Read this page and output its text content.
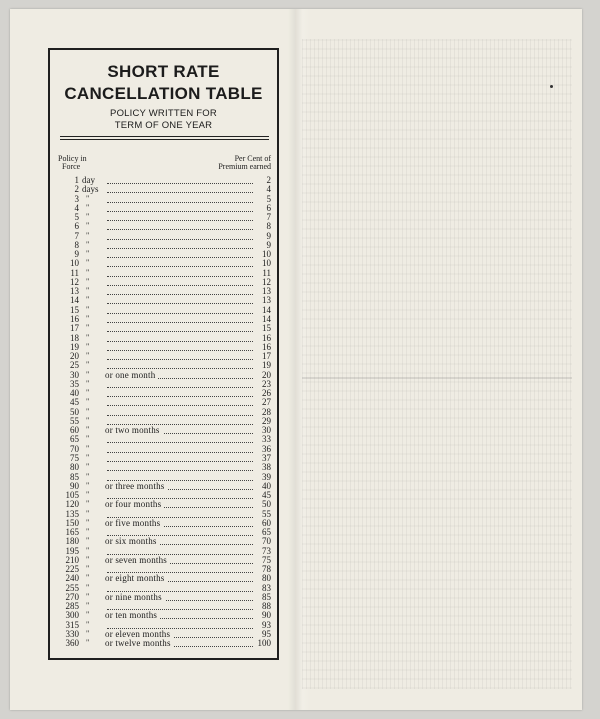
SHORT RATE
CANCELLATION TABLE
POLICY WRITTEN FOR
TERM OF ONE YEAR
Policy in
Force
Per Cent of
Premium earned
1 day	2
2 days	4
3 "	5
4 "	6
5 "	7
6 "	8
7 "	9
8 "	9
9 "	10
10 "	10
11 "	11
12 "	12
13 "	13
14 "	13
15 "	14
16 "	14
17 "	15
18 "	16
19 "	16
20 "	17
25 "	19
30 "	or one month	20
35 "	23
40 "	26
45 "	27
50 "	28
55 "	29
60 "	or two months	30
65 "	33
70 "	36
75 "	37
80 "	38
85 "	39
90 "	or three months	40
105 "	45
120 "	or four months	50
135 "	55
150 "	or five months	60
165 "	65
180 "	or six months	70
195 "	73
210 "	or seven months	75
225 "	78
240 "	or eight months	80
255 "	83
270 "	or nine months	85
285 "	88
300 "	or ten months	90
315 "	93
330 "	or eleven months	95
360 "	or twelve months	100
